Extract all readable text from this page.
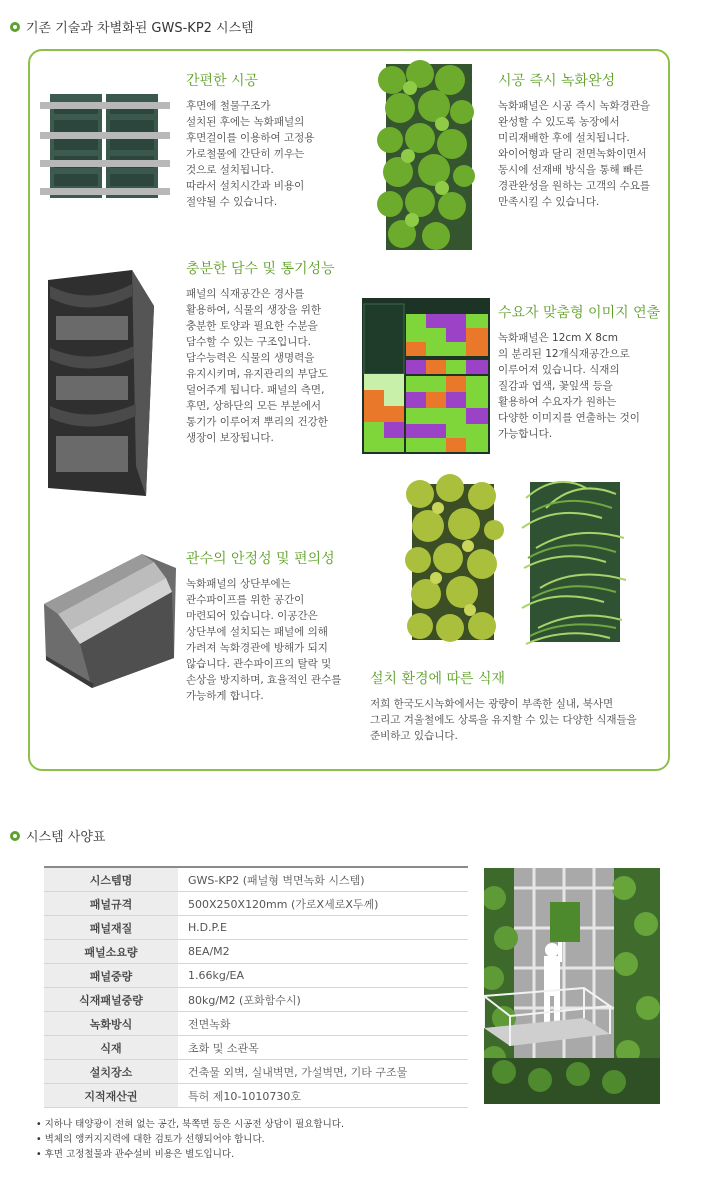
기존 기술과 차별화된 GWS-KP2 시스템
간편한 시공

후면에 철물구조가
설치된 후에는 녹화패널의
후면걸이를 이용하여 고정용
가로철물에 간단히 끼우는
것으로 설치됩니다.
따라서 설치시간과 비용이
절약될 수 있습니다.

시공 즉시 녹화완성

녹화패널은 시공 즉시 녹화경관을
완성할 수 있도록 농장에서
미리재배한 후에 설치됩니다.
와이어형과 달리 전면녹화이면서
동시에 선재배 방식을 통해 빠른
경관완성을 원하는 고객의 수요를
만족시킬 수 있습니다.

충분한 담수 및 통기성능

패널의 식재공간은 경사를
활용하여, 식물의 생장을 위한
충분한 토양과 필요한 수분을
담수할 수 있는 구조입니다.
담수능력은 식물의 생명력을
유지시키며, 유지관리의 부담도
덜어주게 됩니다. 패널의 측면,
후면, 상하단의 모든 부분에서
통기가 이루어져 뿌리의 건강한
생장이 보장됩니다.

수요자 맞춤형 이미지 연출

녹화패널은 12cm X 8cm
의 분리된 12개식재공간으로
이루어져 있습니다. 식재의
질감과 엽색, 꽃잎색 등을
활용하여 수요자가 원하는
다양한 이미지를 연출하는 것이
가능합니다.

관수의 안정성 및 편의성

녹화패널의 상단부에는
관수파이프를 위한 공간이
마련되어 있습니다. 이공간은
상단부에 설치되는 패널에 의해
가려져 녹화경관에 방해가 되지
않습니다. 관수파이프의 탈락 및
손상을 방지하며, 효율적인 관수를
가능하게 합니다.

설치 환경에 따른 식재

저희 한국도시녹화에서는 광량이 부족한 실내, 북사면
그리고 겨울철에도 상록을 유지할 수 있는 다양한 식재들을
준비하고 있습니다.

시스템 사양표
시스템명	GWS-KP2 (패널형 벽면녹화 시스템)
패널규격	500X250X120mm (가로X세로X두께)
패널재질	H.D.P.E
패널소요량	8EA/M2
패널중량	1.66kg/EA
식재패널중량	80kg/M2 (포화함수시)
녹화방식	전면녹화
식재	초화 및 소관목
설치장소	건축물 외벽, 실내벽면, 가설벽면, 기타 구조물
지적재산권	특허 제10-1010730호
• 지하나 태양광이 전혀 없는 공간, 북쪽면 등은 시공전 상담이 필요합니다.
• 벽체의 앵커지지력에 대한 검토가 선행되어야 합니다.
• 후면 고정철물과 관수설비 비용은 별도입니다.
